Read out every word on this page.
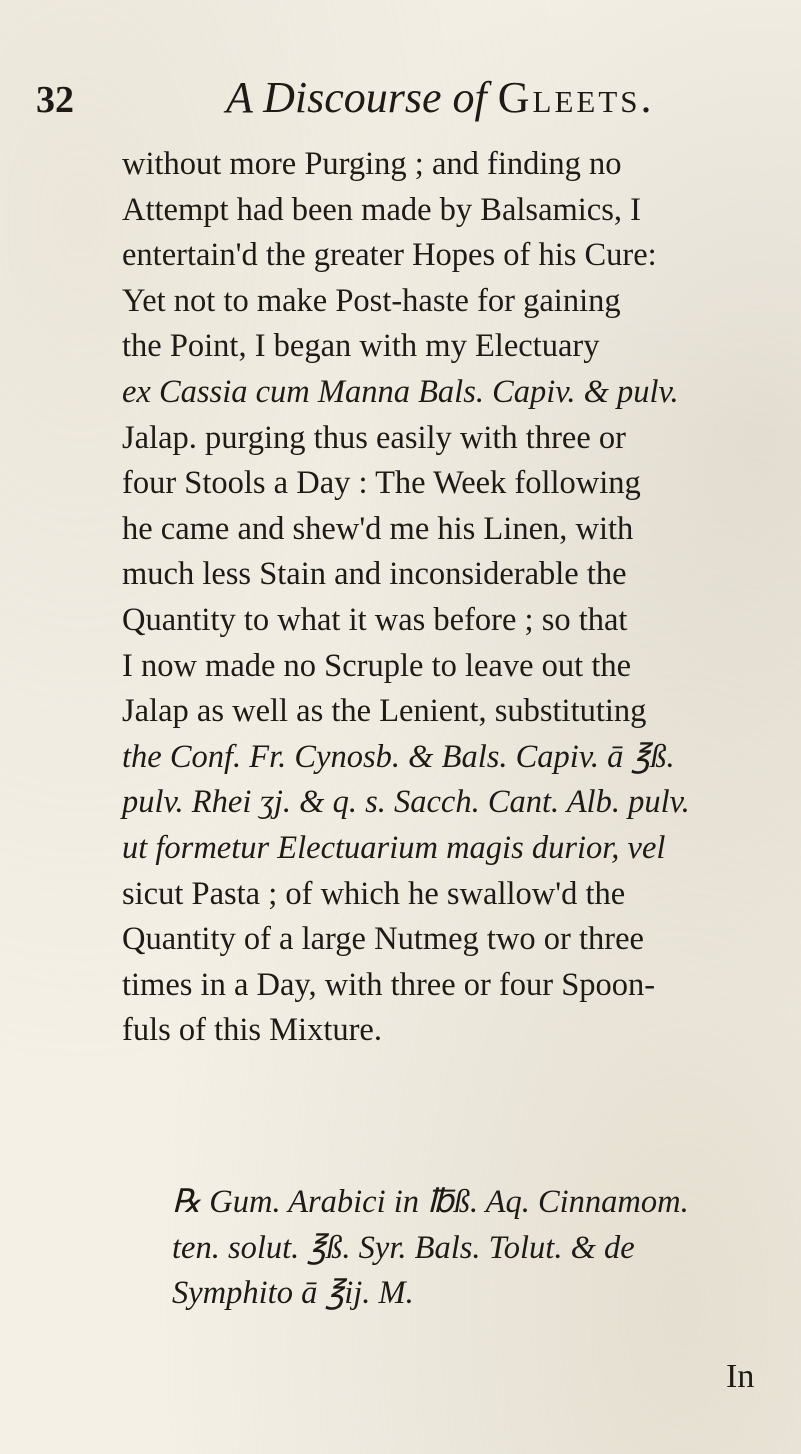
32	A Discourse of Gleets.
without more Purging ; and finding no
Attempt had been made by Balsamics, I
entertain'd the greater Hopes of his Cure:
Yet not to make Post-haste for gaining
the Point, I began with my Electuary
ex Cassia cum Manna Bals. Capiv. & pulv.
Jalap. purging thus easily with three or
four Stools a Day : The Week following
he came and shew'd me his Linen, with
much less Stain and inconsiderable the
Quantity to what it was before ; so that
I now made no Scruple to leave out the
Jalap as well as the Lenient, substituting
the Conf. Fr. Cynosb. & Bals. Capiv. ā ℥ß.
pulv. Rhei ʒj. & q. s. Sacch. Cant. Alb. pulv.
ut formetur Electuarium magis durior, vel
sicut Pasta ; of which he swallow'd the
Quantity of a large Nutmeg two or three
times in a Day, with three or four Spoon-
fuls of this Mixture.
℞ Gum. Arabici in ℔ß. Aq. Cinnamom.
ten. solut. ℥ß. Syr. Bals. Tolut. & de
Symphito ā ℥ij. M.
In
